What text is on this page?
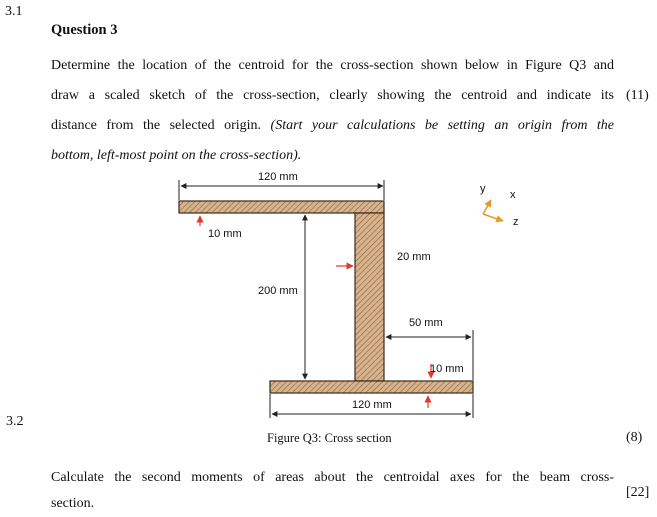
3.1
Question 3
Determine the location of the centroid for the cross-section shown below in Figure Q3 and
draw a scaled sketch of the cross-section, clearly showing the centroid and indicate its
distance from the selected origin. (Start your calculations be setting an origin from the
bottom, left-most point on the cross-section).
(11)
120 mm
10 mm
200 mm
20 mm
50 mm
10 mm
120 mm
y x
z
3.2
Figure Q3: Cross section	(8)
Calculate the second moments of areas about the centroidal axes for the beam cross-
section.
[22]
